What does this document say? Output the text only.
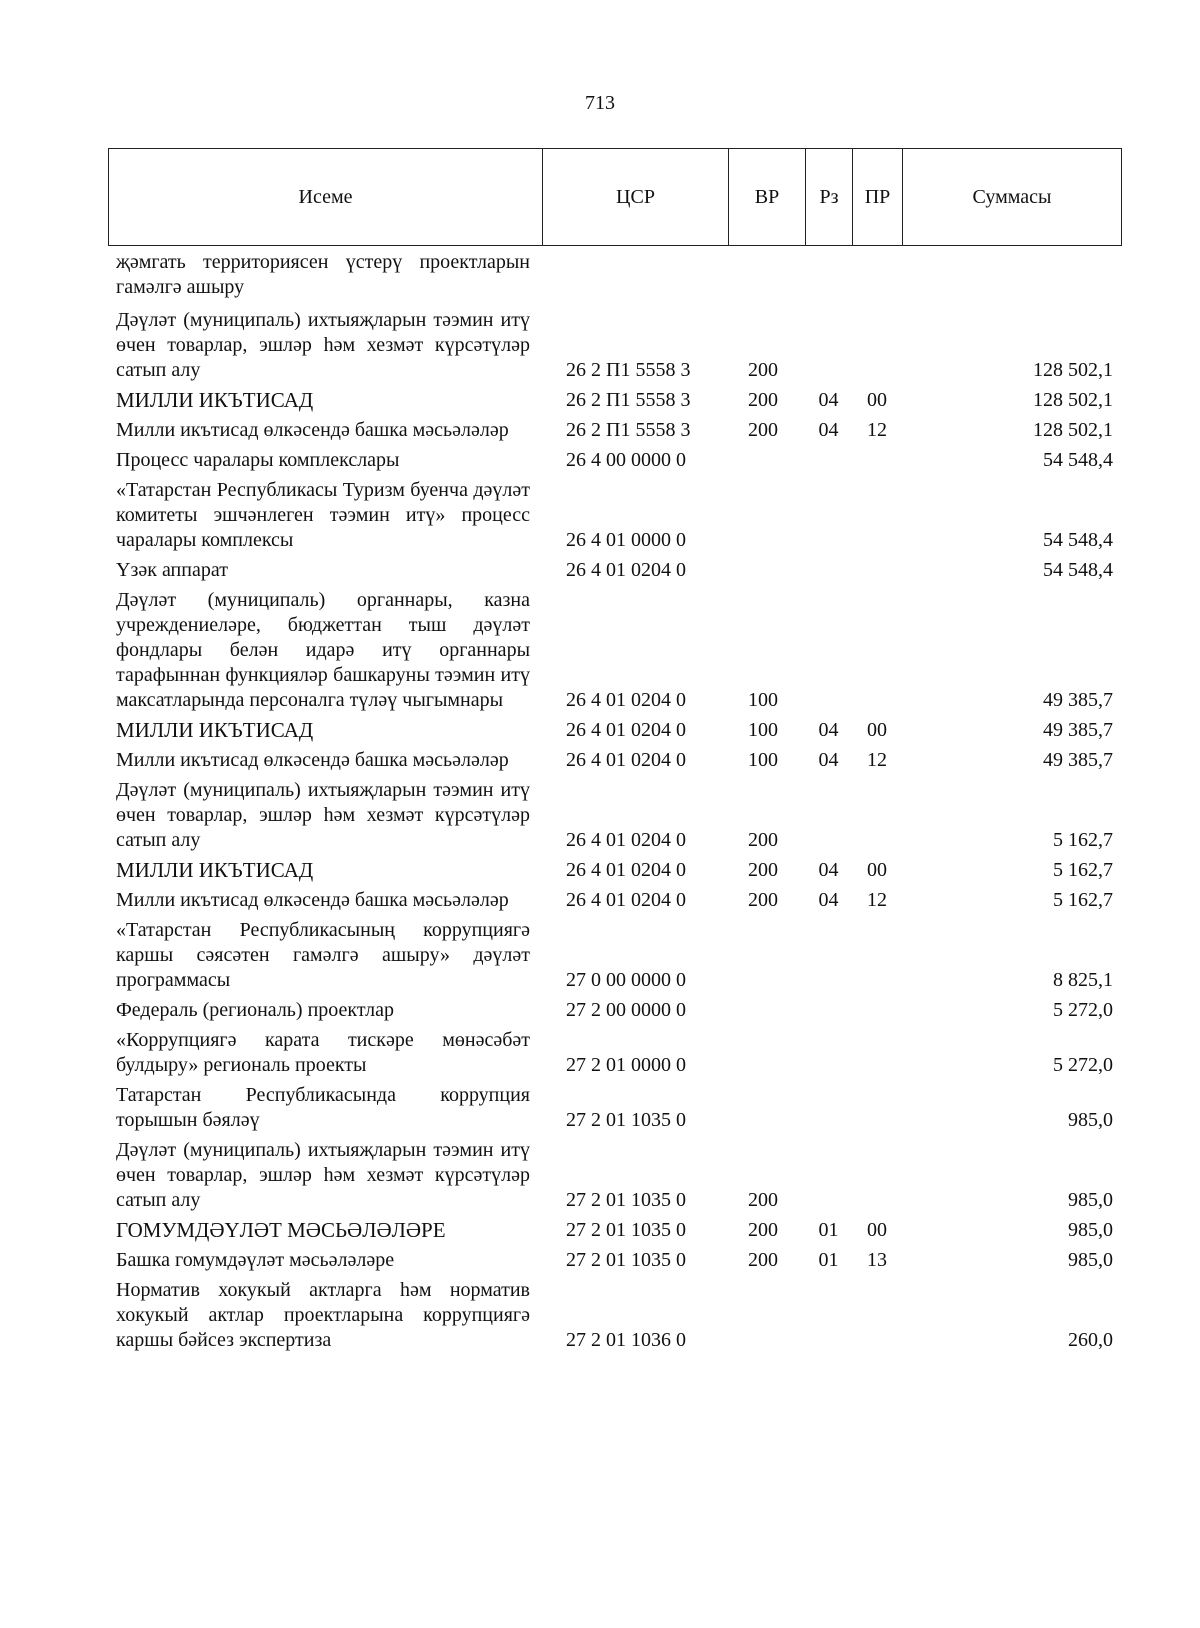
713
Исеме	ЦСР	ВР	Рз	ПР	Суммасы
җәмгать территориясен үстерү проектларын гамәлгә ашыру					
Дәүләт (муниципаль) ихтыяҗларын тәэмин итү өчен товарлар, эшләр һәм хезмәт күрсәтүләр сатып алу	26 2 П1 5558 3	200			128 502,1
МИЛЛИ ИКЪТИСАД	26 2 П1 5558 3	200	04	00	128 502,1
Милли икътисад өлкәсендә башка мәсьәләләр	26 2 П1 5558 3	200	04	12	128 502,1
Процесс чаралары комплекслары	26 4 00 0000 0				54 548,4
«Татарстан Республикасы Туризм буенча дәүләт комитеты эшчәнлеген тәэмин итү» процесс чаралары комплексы	26 4 01 0000 0				54 548,4
Үзәк аппарат	26 4 01 0204 0				54 548,4
Дәүләт (муниципаль) органнары, казна учреждениеләре, бюджеттан тыш дәүләт фондлары белән идарә итү органнары тарафыннан функцияләр башкаруны тәэмин итү максатларында персоналга түләү чыгымнары	26 4 01 0204 0	100			49 385,7
МИЛЛИ ИКЪТИСАД	26 4 01 0204 0	100	04	00	49 385,7
Милли икътисад өлкәсендә башка мәсьәләләр	26 4 01 0204 0	100	04	12	49 385,7
Дәүләт (муниципаль) ихтыяҗларын тәэмин итү өчен товарлар, эшләр һәм хезмәт күрсәтүләр сатып алу	26 4 01 0204 0	200			5 162,7
МИЛЛИ ИКЪТИСАД	26 4 01 0204 0	200	04	00	5 162,7
Милли икътисад өлкәсендә башка мәсьәләләр	26 4 01 0204 0	200	04	12	5 162,7
«Татарстан Республикасының коррупциягә каршы сәясәтен гамәлгә ашыру» дәүләт программасы	27 0 00 0000 0				8 825,1
Федераль (региональ) проектлар	27 2 00 0000 0				5 272,0
«Коррупциягә карата тискәре мөнәсәбәт булдыру» региональ проекты	27 2 01 0000 0				5 272,0
Татарстан Республикасында коррупция торышын бәяләү	27 2 01 1035 0				985,0
Дәүләт (муниципаль) ихтыяҗларын тәэмин итү өчен товарлар, эшләр һәм хезмәт күрсәтүләр сатып алу	27 2 01 1035 0	200			985,0
ГОМУМДӘҮЛӘТ МӘСЬӘЛӘЛӘРЕ	27 2 01 1035 0	200	01	00	985,0
Башка гомумдәүләт мәсьәләләре	27 2 01 1035 0	200	01	13	985,0
Норматив хокукый актларга һәм норматив хокукый актлар проектларына коррупциягә каршы бәйсез экспертиза	27 2 01 1036 0				260,0
